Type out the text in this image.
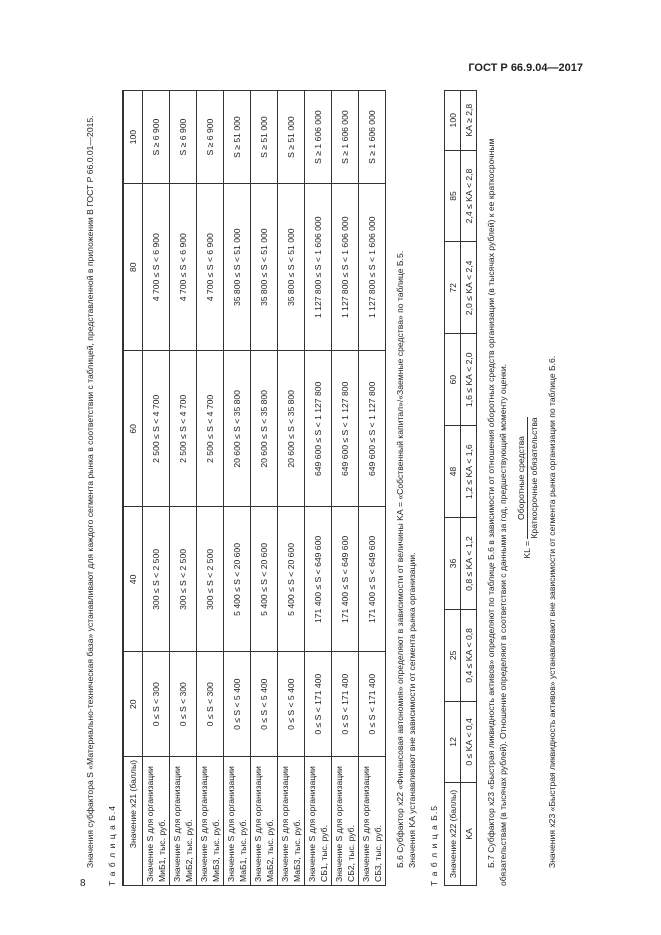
ГОСТ Р 66.9.04—2017
8

Значения субфактора S «Материально-техническая база» устанавливают для каждого сегмента рынка в соответствии с таблицей, представленной в приложении В ГОСТ Р 66.0.01—2015. Т а б л и ц а Б.4 Значение x21 (баллы)	20	40	60	80	100
Значение S для организации МиБ1, тыс. руб.	0 ≤ S < 300	300 ≤ S < 2 500	2 500 ≤ S < 4 700	4 700 ≤ S < 6 900	S ≥ 6 900
Значение S для организации МиБ2, тыс. руб.	0 ≤ S < 300	300 ≤ S < 2 500	2 500 ≤ S < 4 700	4 700 ≤ S < 6 900	S ≥ 6 900
Значение S для организации МиБ3, тыс. руб.	0 ≤ S < 300	300 ≤ S < 2 500	2 500 ≤ S < 4 700	4 700 ≤ S < 6 900	S ≥ 6 900
Значение S для организации МаБ1, тыс. руб.	0 ≤ S < 5 400	5 400 ≤ S < 20 600	20 600 ≤ S < 35 800	35 800 ≤ S < 51 000	S ≥ 51 000
Значение S для организации МаБ2, тыс. руб.	0 ≤ S < 5 400	5 400 ≤ S < 20 600	20 600 ≤ S < 35 800	35 800 ≤ S < 51 000	S ≥ 51 000
Значение S для организации МаБ3, тыс. руб.	0 ≤ S < 5 400	5 400 ≤ S < 20 600	20 600 ≤ S < 35 800	35 800 ≤ S < 51 000	S ≥ 51 000
Значение S для организации СБ1, тыс. руб.	0 ≤ S < 171 400	171 400 ≤ S < 649 600	649 600 ≤ S < 1 127 800	1 127 800 ≤ S < 1 606 000	S ≥ 1 606 000
Значение S для организации СБ2, тыс. руб.	0 ≤ S < 171 400	171 400 ≤ S < 649 600	649 600 ≤ S < 1 127 800	1 127 800 ≤ S < 1 606 000	S ≥ 1 606 000
Значение S для организации СБ3, тыс. руб.	0 ≤ S < 171 400	171 400 ≤ S < 649 600	649 600 ≤ S < 1 127 800	1 127 800 ≤ S < 1 606 000	S ≥ 1 606 000

Б.6 Субфактор x22 «Финансовая автономия» определяют в зависимости от величины KА = «Собственный капитал»/«Заемные средства» по таблице Б.5. Значения KА устанавливают вне зависимости от сегмента рынка организации. Т а б л и ц а Б.5 Значение x22 (баллы)	12	25	36	48	60	72	85	100
KА	0 ≤ KА < 0,4	0,4 ≤ KА < 0,8	0,8 ≤ KА < 1,2	1,2 ≤ KА < 1,6	1,6 ≤ KА < 2,0	2,0 ≤ KА < 2,4	2,4 ≤ KА < 2,8	KА ≥ 2,8

Б.7 Субфактор x23 «Быстрая ликвидность активов» определяют по таблице Б.6 в зависимости от отношения оборотных средств организации (в тысячах рублей) к ее краткосрочным обязательствам (в тысячах рублей). Отношение определяют в соответствии с данными за год, предшествующий моменту оценки.	KL =
Оборотные средства Краткосрочные обязательства Значения x23 «Быстрая ликвидность активов» устанавливают вне зависимости от сегмента рынка организации по таблице Б.6.
